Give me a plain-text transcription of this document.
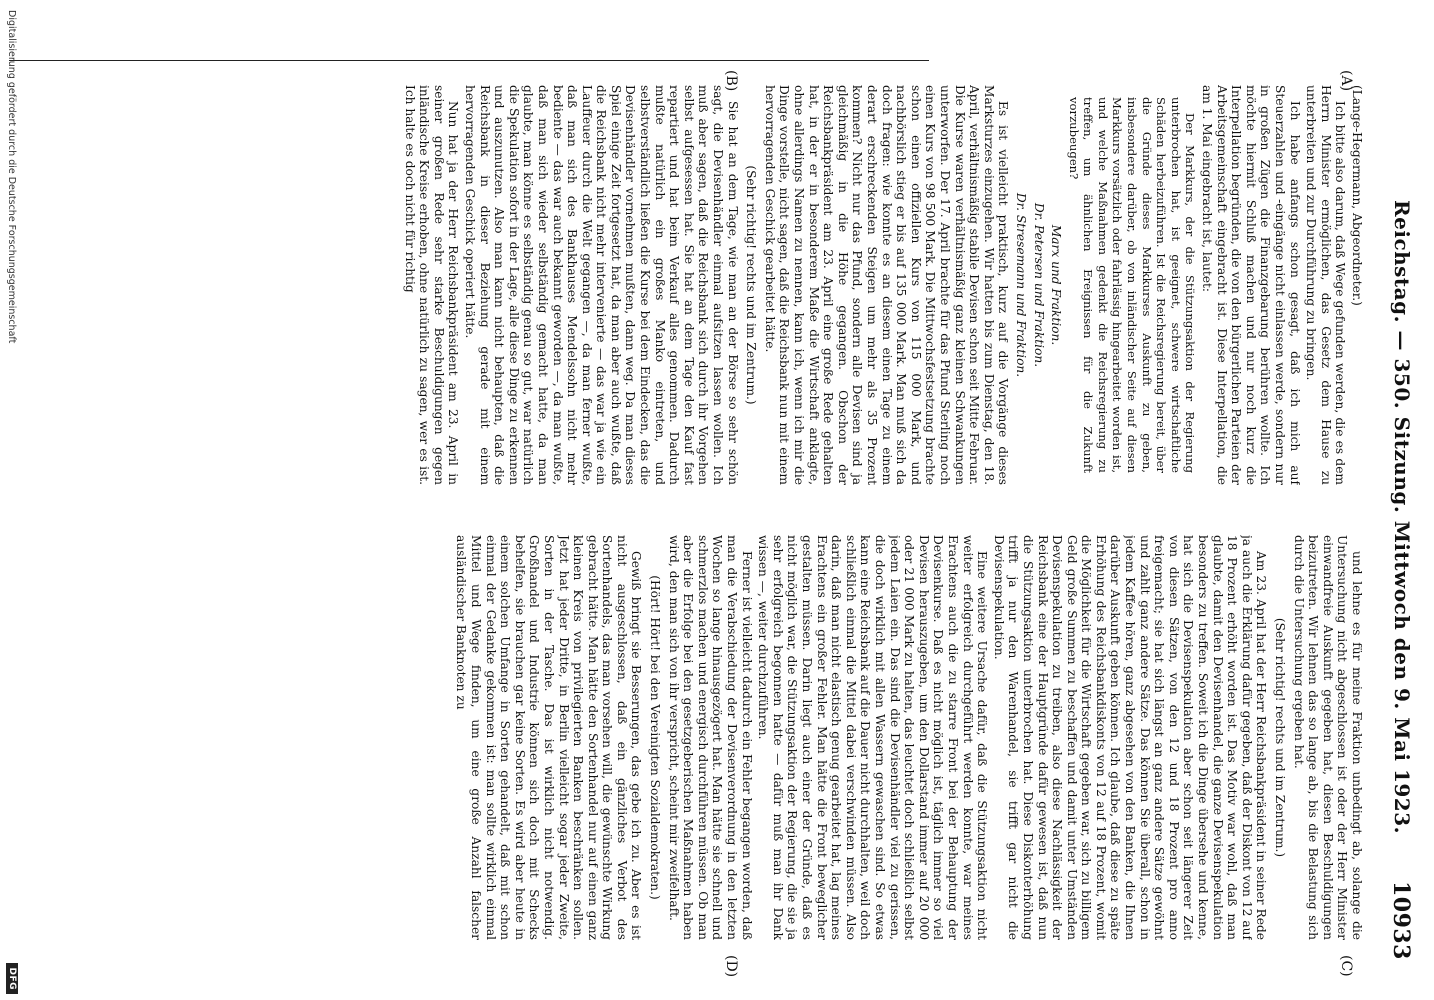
Reichstag. — 350. Sitzung. Mittwoch den 9. Mai 1923.
10933
(A)
(B)
(C)
(D)

(Lange-Hegermann, Abgeordneter.)

Ich bitte also darum, daß Wege gefunden werden, die es dem Herrn Minister ermöglichen, das Gesetz dem Hause zu unterbreiten und zur Durchführung zu bringen.

Ich habe anfangs schon gesagt, daß ich mich auf Steuerzahlen und -eingänge nicht einlassen werde, sondern nur in großen Zügen die Finanzgebarung berühren wollte. Ich möchte hiermit Schluß machen und nur noch kurz die Interpellation begründen, die von den bürgerlichen Parteien der Arbeitsgemeinschaft eingebracht ist. Diese Interpellation, die am 1. Mai eingebracht ist, lautet:

Der Markkurs, der die Stützungsaktion der Regierung unterbrochen hat, ist geeignet, schwere wirtschaftliche Schäden herbeizuführen. Ist die Reichsregierung bereit, über die Gründe dieses Markkurses Auskunft zu geben, insbesondere darüber, ob von inländischer Seite auf diesen Markkurs vorsätzlich oder fahrlässig hingearbeitet worden ist, und welche Maßnahmen gedenkt die Reichsregierung zu treffen, um ähnlichen Ereignissen für die Zukunft vorzubeugen?

Marx und Fraktion.

Dr. Petersen und Fraktion.

Dr. Stresemann und Fraktion.

Es ist vielleicht praktisch, kurz auf die Vorgänge dieses Marksturzes einzugehen. Wir hatten bis zum Dienstag, den 18. April, verhältnismäßig stabile Devisen schon seit Mitte Februar. Die Kurse waren verhältnismäßig ganz kleinen Schwankungen unterworfen. Der 17. April brachte für das Pfund Sterling noch einen Kurs von 98 500 Mark. Die Mittwochsfestsetzung brachte schon einen offiziellen Kurs von 115 000 Mark, und nachbörslich stieg er bis auf 135 000 Mark. Man muß sich da doch fragen: wie konnte es an diesem einen Tage zu einem derart erschreckenden Steigen um mehr als 35 Prozent kommen? Nicht nur das Pfund, sondern alle Devisen sind ja gleichmäßig in die Höhe gegangen. Obschon der Reichsbankpräsident am 23. April eine große Rede gehalten hat, in der er in besonderem Maße die Wirtschaft anklagte, ohne allerdings Namen zu nennen, kann ich, wenn ich mir die Dinge vorstelle, nicht sagen, daß die Reichsbank nun mit einem hervorragenden Geschick gearbeitet hätte.

(Sehr richtig! rechts und im Zentrum.)

Sie hat an dem Tage, wie man an der Börse so sehr schön sagt, die Devisenhändler einmal aufsitzen lassen wollen. Ich muß aber sagen, daß die Reichsbank sich durch ihr Vorgehen selbst aufgesessen hat. Sie hat an dem Tage den Kauf fast repartiert und hat beim Verkauf alles genommen. Dadurch mußte natürlich ein großes Manko eintreten, und selbstverständlich ließen die Kurse bei dem Eindecken, das die Devisenhändler vornehmen mußten, dann weg. Da man dieses Spiel einige Zeit fortgesetzt hat, da man aber auch wußte, daß die Reichsbank nicht mehr intervenierte — das war ja wie ein Lauffeuer durch die Welt gegangen —, da man ferner wußte, daß man sich des Bankhauses Mendelssohn nicht mehr bediente — das war auch bekannt geworden —, da man wußte, daß man sich wieder selbständig gemacht hatte, da man glaubte, man könne es selbständig genau so gut, war natürlich die Spekulation sofort in der Lage, alle diese Dinge zu erkennen und auszunutzen. Also man kann nicht behaupten, daß die Reichsbank in dieser Beziehung gerade mit einem hervorragenden Geschick operiert hätte.

Nun hat ja der Herr Reichsbankpräsident am 23. April in seiner großen Rede sehr starke Beschuldigungen gegen inländische Kreise erhoben, ohne natürlich zu sagen, wer es ist. Ich halte es doch nicht für richtig

und lehne es für meine Fraktion unbedingt ab, solange die Untersuchung nicht abgeschlossen ist oder der Herr Minister einwandfreie Auskunft gegeben hat, diesen Beschuldigungen beizutreten. Wir lehnen das so lange ab, bis die Belastung sich durch die Untersuchung ergeben hat.

(Sehr richtig! rechts und im Zentrum.)

Am 23. April hat der Herr Reichsbankpräsident in seiner Rede ja auch die Erklärung dafür gegeben, daß der Diskont von 12 auf 18 Prozent erhöht worden ist. Das Motiv war wohl, daß man glaubte, damit den Devisenhandel, die ganze Devisenspekulation besonders zu treffen. Soweit ich die Dinge übersehe und kenne, hat sich die Devisenspekulation aber schon seit längerer Zeit von diesen Sätzen, von den 12 und 18 Prozent pro anno freigemacht; sie hat sich längst an ganz andere Sätze gewöhnt und zahlt ganz andere Sätze. Das können Sie überall, schon in jedem Kaffee hören, ganz abgesehen von den Banken, die Ihnen darüber Auskunft geben können. Ich glaube, daß diese zu späte Erhöhung des Reichsbankdiskonts von 12 auf 18 Prozent, womit die Möglichkeit für die Wirtschaft gegeben war, sich zu billigem Geld große Summen zu beschaffen und damit unter Umständen Devisenspekulation zu treiben, also diese Nachlässigkeit der Reichsbank eine der Hauptgründe dafür gewesen ist, daß nun die Stützungsaktion unterbrochen hat. Diese Diskonterhöhung trifft ja nur den Warenhandel, sie trifft gar nicht die Devisenspekulation.

Eine weitere Ursache dafür, daß die Stützungsaktion nicht weiter erfolgreich durchgeführt werden konnte, war meines Erachtens auch die zu starre Front bei der Behauptung der Devisenkurse. Daß es nicht möglich ist, täglich immer so viel Devisen herauszugeben, um den Dollarstand immer auf 20 000 oder 21 000 Mark zu halten, das leuchtet doch schließlich selbst jedem Laien ein. Das sind die Devisenhändler viel zu gerissen, die doch wirklich mit allen Wassern gewaschen sind. So etwas kann eine Reichsbank auf die Dauer nicht durchhalten, weil doch schließlich einmal die Mittel dabei verschwinden müssen. Also darin, daß man nicht elastisch genug gearbeitet hat, lag meines Erachtens ein großer Fehler. Man hätte die Front beweglicher gestalten müssen. Darin liegt auch einer der Gründe, daß es nicht möglich war, die Stützungsaktion der Regierung, die sie ja sehr erfolgreich begonnen hatte — dafür muß man ihr Dank wissen —, weiter durchzuführen.

Ferner ist vielleicht dadurch ein Fehler begangen worden, daß man die Verabschiedung der Devisenverordnung in den letzten Wochen so lange hinausgezögert hat. Man hätte sie schnell und schmerzlos machen und energisch durchführen müssen. Ob man aber die Erfolge bei den gesetzgeberischen Maßnahmen haben wird, den man sich von ihr verspricht, scheint mir zweifelhaft.

(Hört! Hört! bei den Vereinigten Sozialdemokraten.)

Gewiß bringt sie Besserungen, das gebe ich zu. Aber es ist nicht ausgeschlossen, daß ein gänzliches Verbot des Sortenhandels, das man vorsehen will, die gewünschte Wirkung gebracht hätte. Man hätte den Sortenhandel nur auf einen ganz kleinen Kreis von privilegierten Banken beschränken sollen. Jetzt hat jeder Dritte, in Berlin vielleicht sogar jeder Zweite, Sorten in der Tasche. Das ist wirklich nicht notwendig. Großhandel und Industrie können sich doch mit Schecks behelfen, sie brauchen gar keine Sorten. Es wird aber heute in einem solchen Umfange in Sorten gehandelt, daß mit schon einmal der Gedanke gekommen ist: man sollte wirklich einmal Mittel und Wege finden, um eine große Anzahl falscher ausländischer Banknoten zu

Digitalisierung gefördert durch die Deutsche Forschungsgemeinschaft
DFG
